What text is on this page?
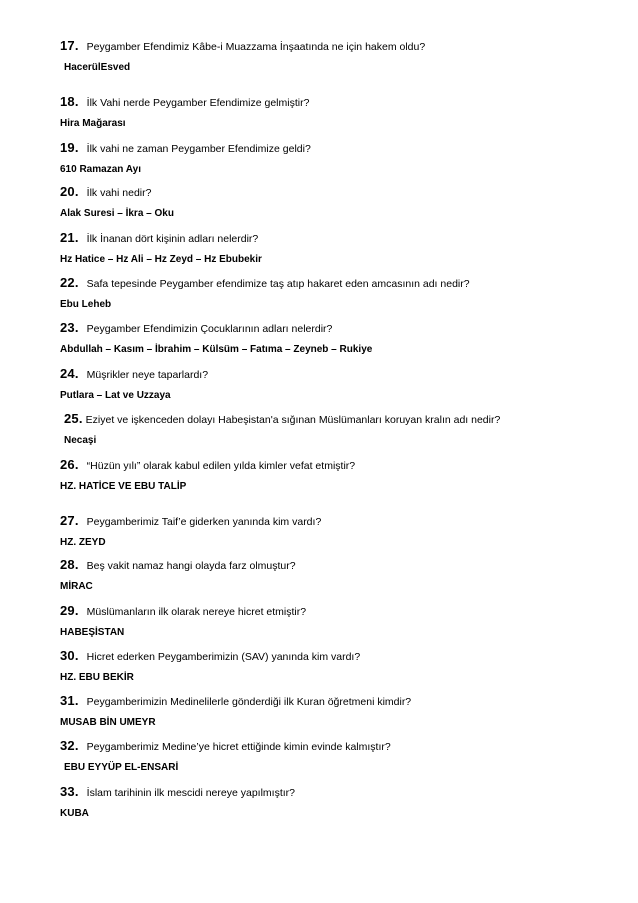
17. Peygamber Efendimiz Kâbe-i Muazzama İnşaatında ne için hakem oldu?
HacerülEsved
18. İlk Vahi nerde Peygamber Efendimize gelmiştir?
Hira Mağarası
19. İlk vahi ne zaman Peygamber Efendimize geldi?
610 Ramazan Ayı
20. İlk vahi nedir?
Alak Suresi – İkra – Oku
21. İlk İnanan dört kişinin adları nelerdir?
Hz Hatice – Hz Ali – Hz Zeyd – Hz Ebubekir
22. Safa tepesinde Peygamber efendimize taş atıp hakaret eden amcasının adı nedir?
Ebu Leheb
23. Peygamber Efendimizin Çocuklarının adları nelerdir?
Abdullah – Kasım – İbrahim – Külsüm – Fatıma – Zeyneb – Rukiye
24. Müşrikler neye taparlardı?
Putlara – Lat ve Uzzaya
25. Eziyet ve işkenceden dolayı Habeşistan'a sığınan Müslümanları koruyan kralın adı nedir?
Necaşi
26. “Hüzün yılı” olarak kabul edilen yılda kimler vefat etmiştir?
HZ. HATİCE VE EBU TALİP
27. Peygamberimiz Taif’e giderken yanında kim vardı?
HZ. ZEYD
28. Beş vakit namaz hangi olayda farz olmuştur?
MİRAC
29. Müslümanların ilk olarak nereye hicret etmiştir?
HABEŞİSTAN
30. Hicret ederken Peygamberimizin (SAV) yanında kim vardı?
HZ. EBU BEKİR
31. Peygamberimizin Medinelilerle gönderdiği ilk Kuran öğretmeni kimdir?
MUSAB BİN UMEYR
32. Peygamberimiz Medine’ye hicret ettiğinde kimin evinde kalmıştır?
EBU EYYÜP EL-ENSARİ
33. İslam tarihinin ilk mescidi nereye yapılmıştır?
KUBA
